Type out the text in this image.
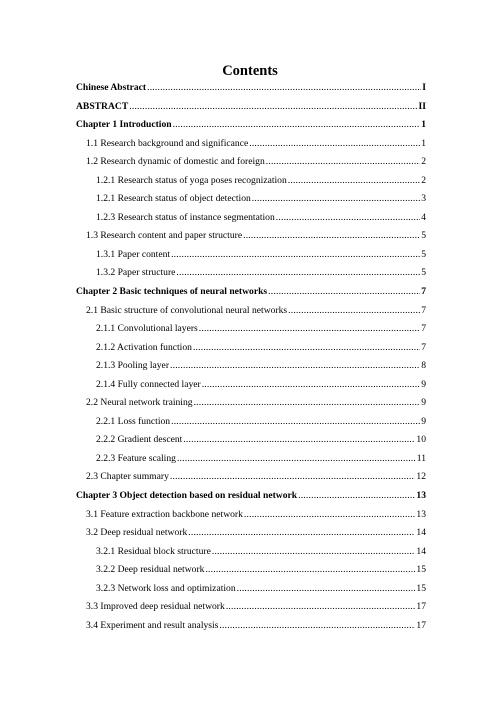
Contents
Chinese Abstract .....	I
ABSTRACT .....	II
Chapter 1 Introduction .....	1
1.1 Research background and significance .....	1
1.2 Research dynamic of domestic and foreign .....	2
1.2.1 Research status of yoga poses recognization .....	2
1.2.1 Research status of object detection .....	3
1.2.3 Research status of instance segmentation .....	4
1.3 Research content and paper structure .....	5
1.3.1 Paper content .....	5
1.3.2 Paper structure .....	5
Chapter 2 Basic techniques of neural networks .....	7
2.1 Basic structure of convolutional neural networks .....	7
2.1.1 Convolutional layers .....	7
2.1.2 Activation function .....	7
2.1.3 Pooling layer .....	8
2.1.4 Fully connected layer .....	9
2.2 Neural network training .....	9
2.2.1 Loss function .....	9
2.2.2 Gradient descent .....	10
2.2.3 Feature scaling .....	11
2.3 Chapter summary .....	12
Chapter 3 Object detection based on residual network .....	13
3.1 Feature extraction backbone network .....	13
3.2 Deep residual network .....	14
3.2.1 Residual block structure .....	14
3.2.2 Deep residual network .....	15
3.2.3 Network loss and optimization .....	15
3.3 Improved deep residual network .....	17
3.4 Experiment and result analysis .....	17
